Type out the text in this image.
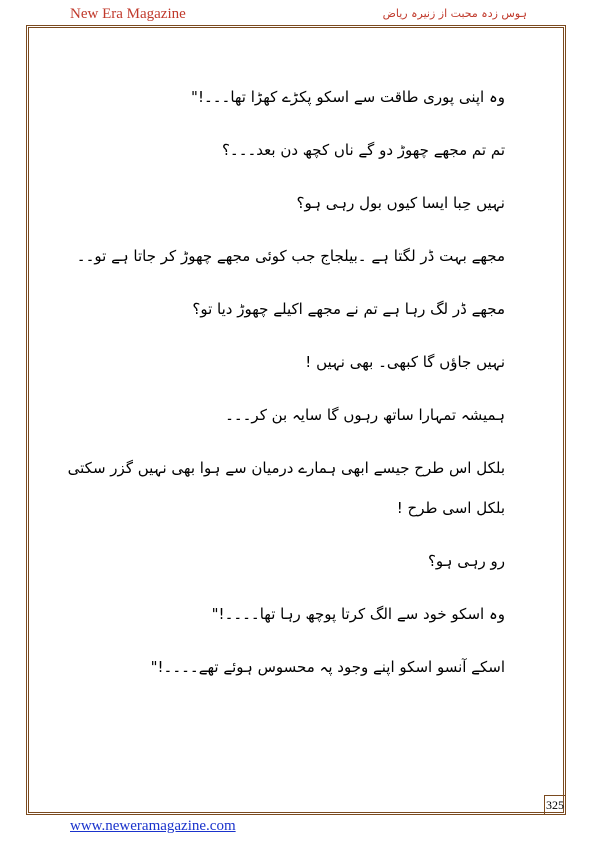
New Era Magazine	ہوس زدہ محبت از زنیرہ ریاض
وہ اپنی پوری طاقت سے اسکو پکڑے کھڑا تھا۔۔۔!"
تم تم مجھے چھوڑ دو گے ناں کچھ دن بعد۔۔۔؟
نہیں حِبا ایسا کیوں بول رہی ہو؟
مجھے بہت ڈر لگتا ہے ۔بیلجاج جب کوئی مجھے چھوڑ کر جاتا ہے تو۔۔
مجھے ڈر لگ رہا ہے تم نے مجھے اکیلے چھوڑ دیا تو؟
نہیں جاؤں گا کبھی۔ بھی نہیں !
ہمیشہ تمہارا ساتھ رہوں گا سایہ بن کر۔۔۔
بلکل اس طرح جیسے ابھی ہمارے درمیان سے ہوا بھی نہیں گزر سکتی
بلکل اسی طرح !
رو رہی ہو؟
وہ اسکو خود سے الگ کرتا پوچھ رہا تھا۔۔۔۔!"
اسکے آنسو اسکو اپنے وجود پہ محسوس ہوئے تھے۔۔۔۔!"
325
www.neweramagazine.com
